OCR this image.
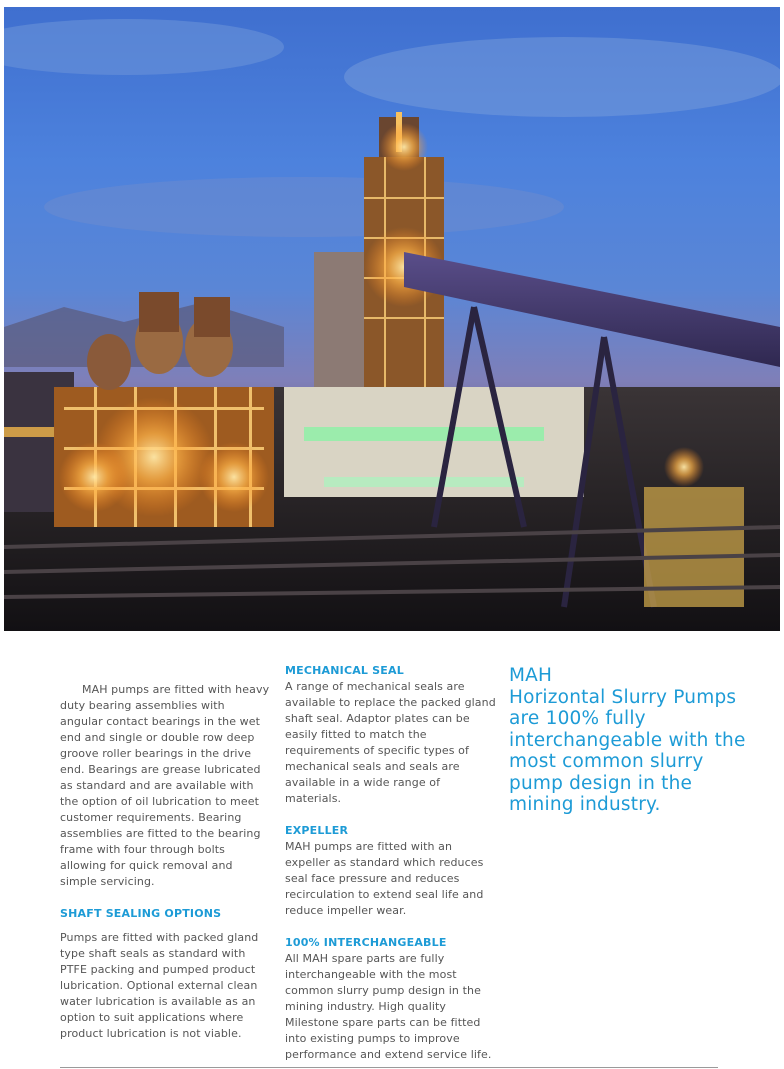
MAH pumps are fitted with heavy duty bearing assemblies with angular contact bearings in the wet end and single or double row deep groove roller bearings in the drive end. Bearings are grease lubricated as standard and are available with the option of oil lubrication to meet customer requirements. Bearing assemblies are fitted to the bearing frame with four through bolts allowing for quick removal and simple servicing.

SHAFT SEALING OPTIONS

Pumps are fitted with packed gland type shaft seals as standard with PTFE packing and pumped product lubrication. Optional external clean water lubrication is available as an option to suit applications where product lubrication is not viable.

MECHANICAL SEAL

A range of mechanical seals are available to replace the packed gland shaft seal. Adaptor plates can be easily fitted to match the requirements of specific types of mechanical seals and seals are available in a wide range of materials.

EXPELLER

MAH pumps are fitted with an expeller as standard which reduces seal face pressure and reduces recirculation to extend seal life and reduce impeller wear.

100% INTERCHANGEABLE

All MAH spare parts are fully interchangeable with the most common slurry pump design in the mining industry. High quality Milestone spare parts can be fitted into existing pumps to improve performance and extend service life.

MAH

Horizontal Slurry Pumps are 100% fully interchangeable with the most common slurry pump design in the mining industry.
